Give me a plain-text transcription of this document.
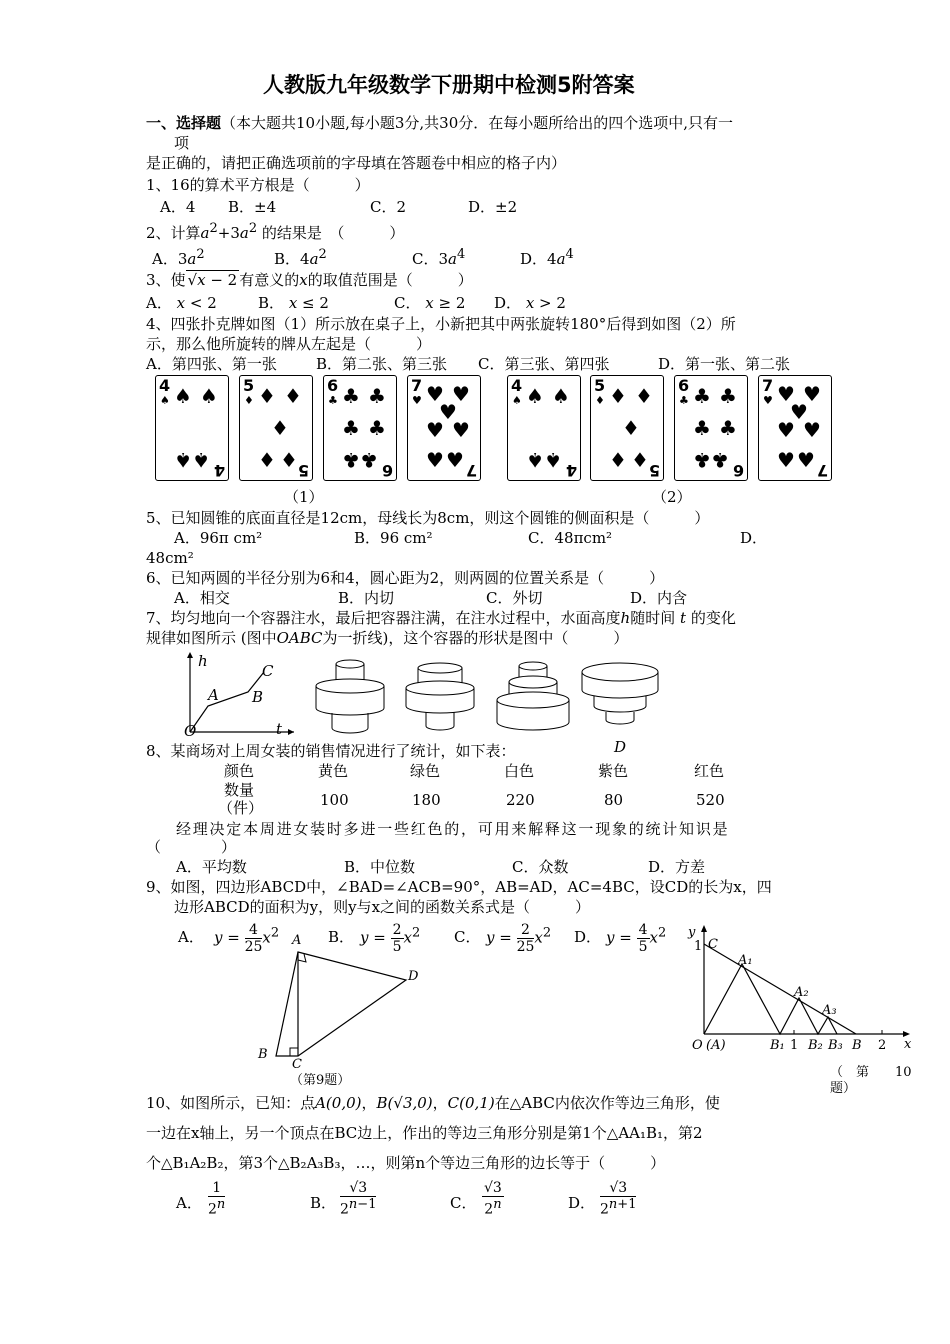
人教版九年级数学下册期中检测5附答案
一、选择题（本大题共10小题,每小题3分,共30分．在每小题所给出的四个选项中,只有一
项
是正确的，请把正确选项前的字母填在答题卷中相应的格子内）
1、16的算术平方根是（　　　）
A．4 B．±4	C．2	D．±2
2、计算$a^2+3a^2$ 的结果是　（　　　）
A．$3a^2$	B．$4a^2$	C．$3a^4$	D．$4a^4$
3、使 √x − 2 有意义的x的取值范围是（　　　）
A． x < 2	B． x ≤ 2	C． x ≥ 2 D． x > 2
4、四张扑克牌如图（1）所示放在桌子上，小新把其中两张旋转180°后得到如图（2）所
示，那么他所旋转的牌从左起是（　　　）
A．第四张、第一张	B．第二张、第三张 C．第三张、第四张	D．第一张、第二张
4
♠ ♠ ♠
♠ ♠ 4
5
♦ ♦ ♦
♦
♦ ♦ 5
6
♣ ♣ ♣
♣ ♣
♣ ♣ 6
7
♥ ♥ ♥
♥
♥ ♥
♥ ♥ 7
4
♠ ♠ ♠
♠ ♠ 4
5
♦ ♦ ♦
♦
♦ ♦ 5
6
♣ ♣ ♣
♣ ♣
♣ ♣ 6
7
♥ ♥ ♥
♥
♥ ♥
♥ ♥ 7
（1）	（2）
5、已知圆锥的底面直径是12cm，母线长为8cm，则这个圆锥的侧面积是（　　　）
A．96π cm²	B．96 cm²	C．48πcm²	D．
48cm²
6、已知两圆的半径分别为6和4，圆心距为2，则两圆的位置关系是（　　　）
A．相交	B．内切	C．外切	D．内含
7、均匀地向一个容器注水，最后把容器注满，在注水过程中，水面高度h随时间 t 的变化
规律如图所示 (图中OABC为一折线)，这个容器的形状是图中（　　　）
h
C
A B
O	t
D
8、某商场对上周女装的销售情况进行了统计，如下表：
颜色	黄色	绿色	白色	紫色	红色
数量
（件）	100	180	220	80	520
经 理 决 定 本 周 进 女 装 时 多 进 一 些 红 色 的 ， 可 用 来 解 释 这 一 现 象 的 统 计 知 识 是
（　　　　）
A．平均数	B．中位数	C．众数	D．方差
9、如图，四边形ABCD中，∠BAD=∠ACB=90°，AB=AD，AC=4BC，设CD的长为x，四
边形ABCD的面积为y，则y与x之间的函数关系式是（　　　）
A． $y = \frac{4}{25} x^2$	B． $y = \frac{2}{5} x^2$ C． $y = \frac{2}{25} x^2$ D． $y = \frac{4}{5} x^2$
A
D
B
C
（第9题）
y
1 C
A₁
A₂
A₃
O (A)	B₁ 1 B₂ B₃ B 2 x
（　第　　10
题）
10、如图所示，已知：点A(0,0)，B(√3,0)，C(0,1)在△ABC内依次作等边三角形，使
一边在x轴上，另一个顶点在BC边上，作出的等边三角形分别是第1个△AA₁B₁，第2
个△B₁A₂B₂，第3个△B₂A₃B₃，…，则第n个等边三角形的边长等于（　　　）
A． $\frac{1}{2^n}$	B． $\frac{√3}{2^{n-1}}$	C． $\frac{√3}{2^n}$	D． $\frac{√3}{2^{n+1}}$
